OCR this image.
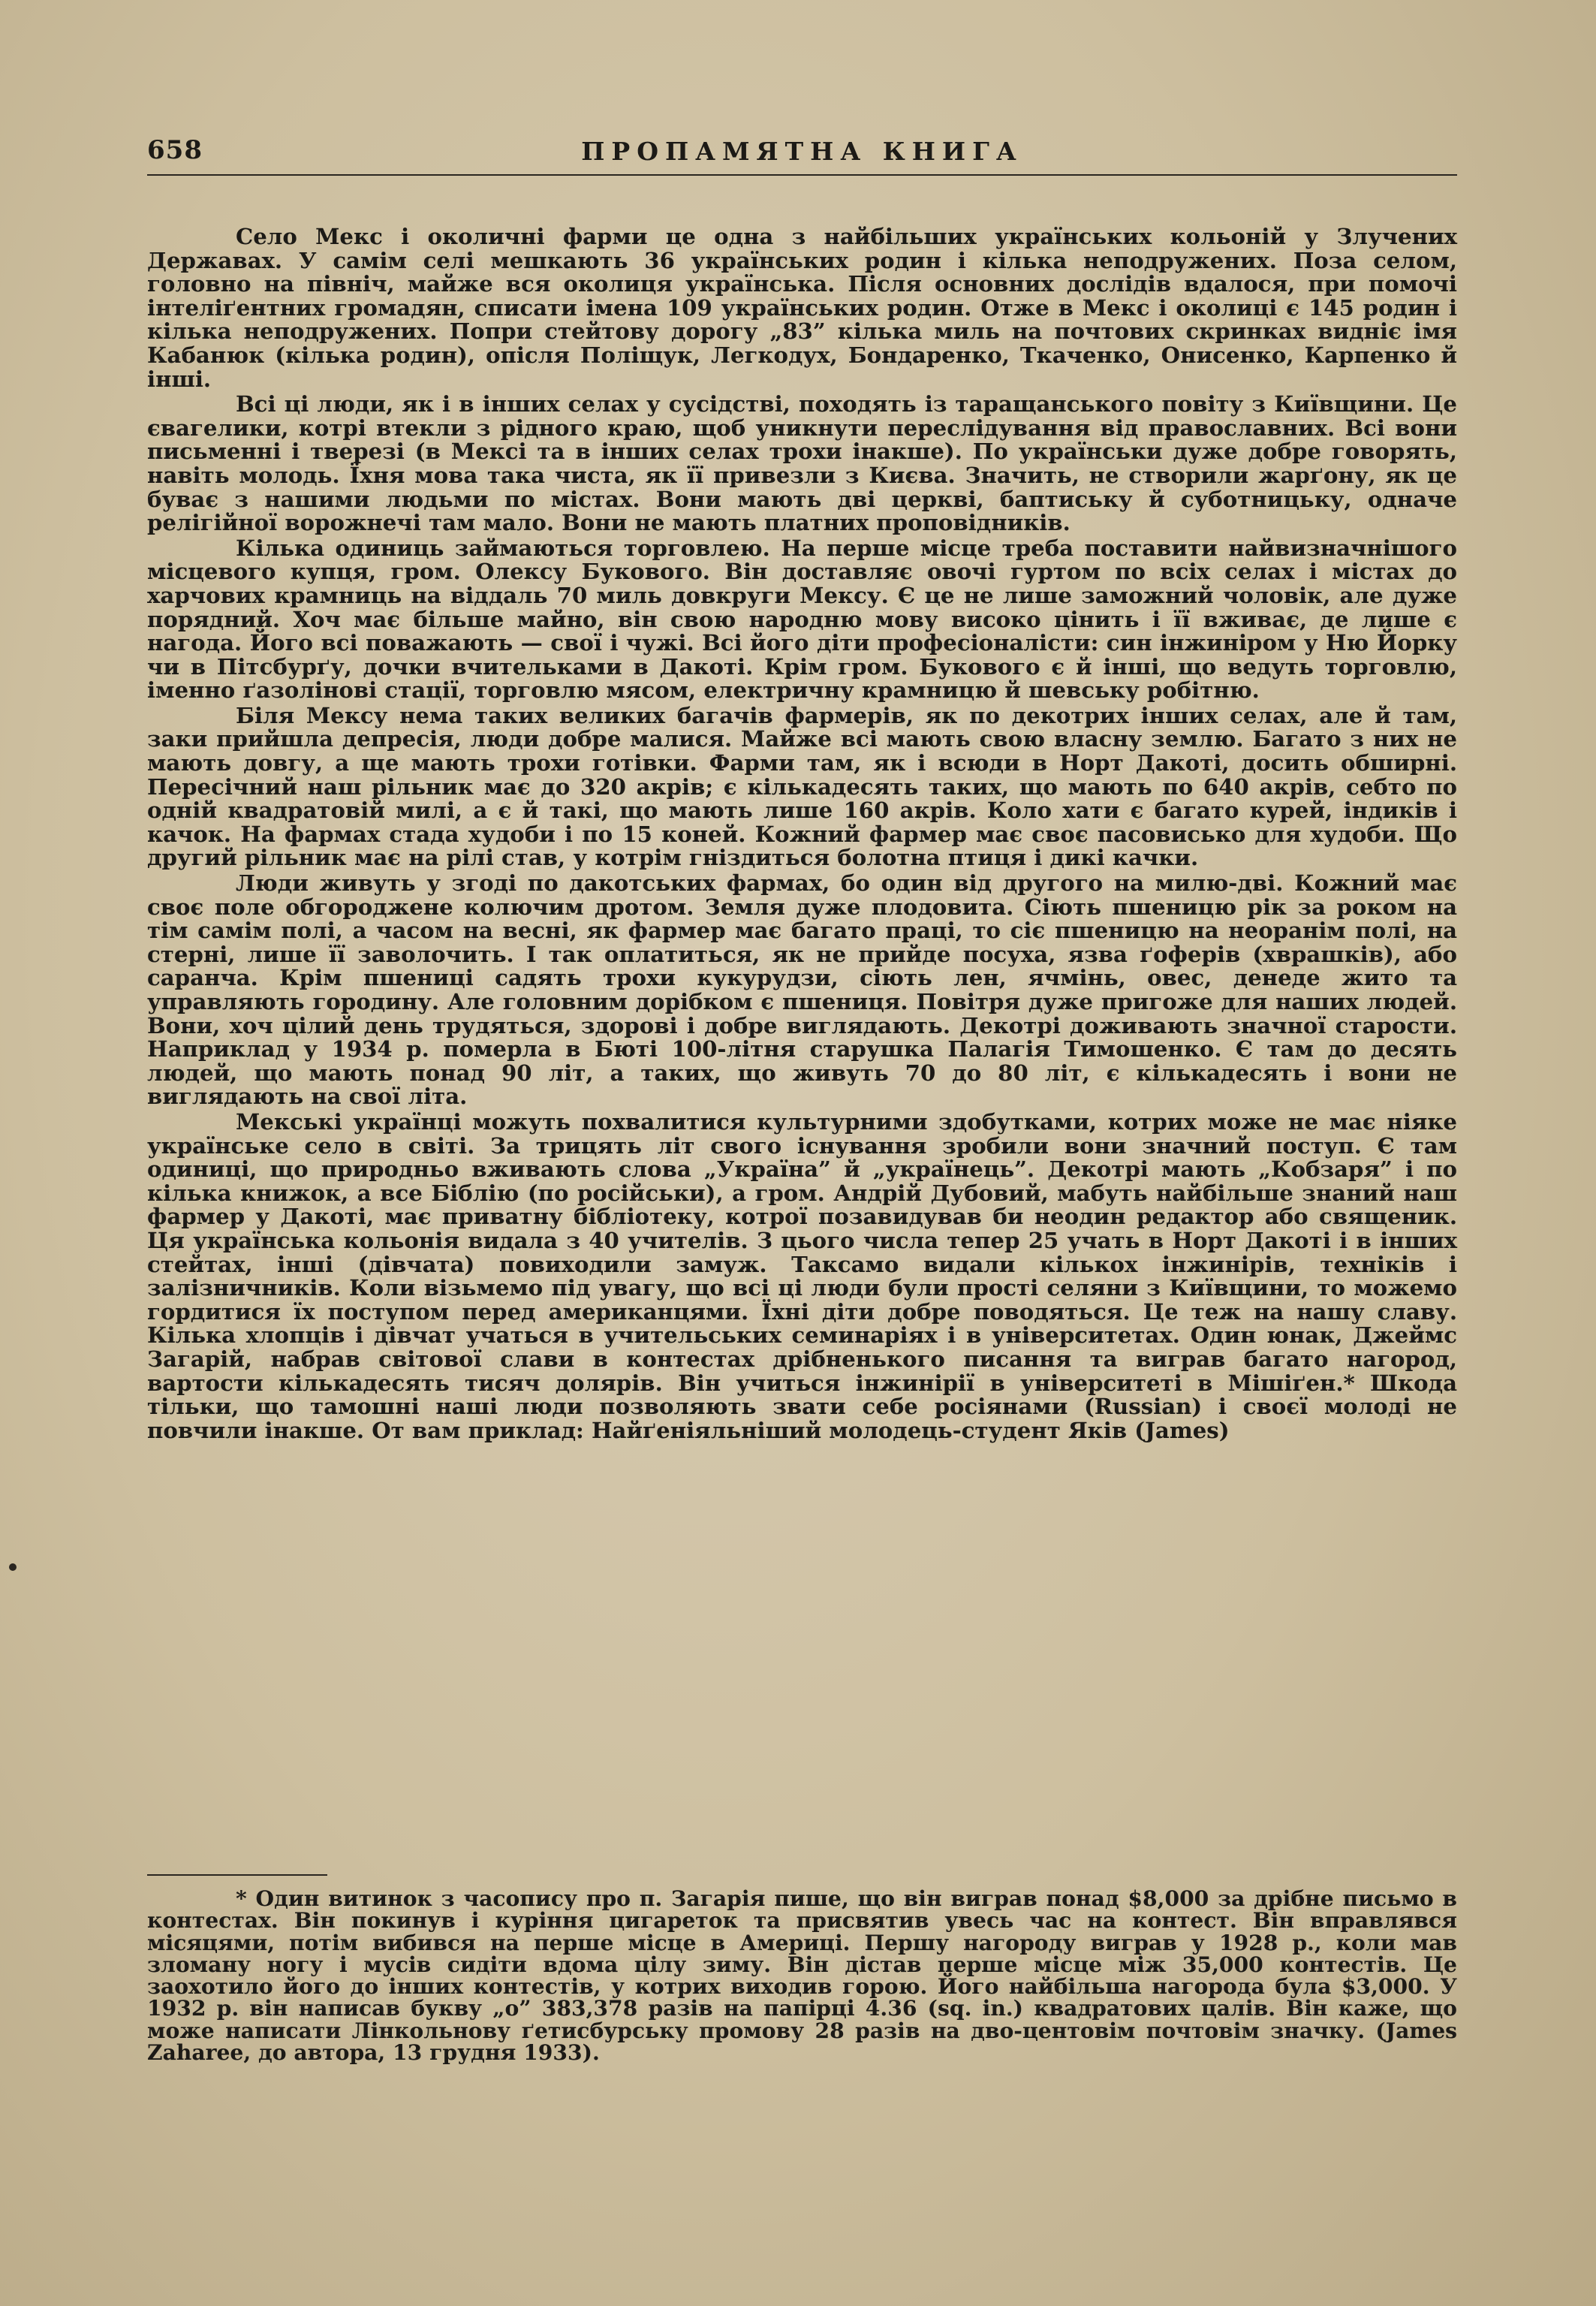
658	ПРОПАМЯТНА КНИГА

Село Мекс і околичні фарми це одна з найбільших українських кольоній у Злучених Державах. У самім селі мешкають 36 українських родин і кілька неподружених. Поза селом, головно на північ, майже вся околиця українська. Після основних дослідів вдалося, при помочі інтеліґентних громадян, списати імена 109 українських родин. Отже в Мекс і околиці є 145 родин і кілька неподружених. Попри стейтову дорогу „83” кілька миль на почтових скринках видніє імя Кабанюк (кілька родин), опісля Поліщук, Легкодух, Бондаренко, Ткаченко, Онисенко, Карпенко й інші.

Всі ці люди, як і в інших селах у сусідстві, походять із таращанського повіту з Київщини. Це євагелики, котрі втекли з рідного краю, щоб уникнути переслідування від православних. Всі вони письменні і тверезі (в Мексі та в інших селах трохи інакше). По українськи дуже добре говорять, навіть молодь. Їхня мова така чиста, як її привезли з Києва. Значить, не створили жарґону, як це буває з нашими людьми по містах. Вони мають дві церкві, баптиську й суботницьку, одначе релігійної ворожнечі там мало. Вони не мають платних проповідників.

Кілька одиниць займаються торговлею. На перше місце треба поставити найвизначнішого місцевого купця, гром. Олексу Букового. Він доставляє овочі гуртом по всіх селах і містах до харчових крамниць на віддаль 70 миль довкруги Мексу. Є це не лише заможний чоловік, але дуже порядний. Хоч має більше майно, він свою народню мову високо цінить і її вживає, де лише є нагода. Його всі поважають — свої і чужі. Всі його діти професіоналісти: син інжиніром у Ню Йорку чи в Пітсбурґу, дочки вчительками в Дакоті. Крім гром. Букового є й інші, що ведуть торговлю, іменно ґазолінові стації, торговлю мясом, електричну крамницю й шевську робітню.

Біля Мексу нема таких великих багачів фармерів, як по декотрих інших селах, але й там, заки прийшла депресія, люди добре малися. Майже всі мають свою власну землю. Багато з них не мають довгу, а ще мають трохи готівки. Фарми там, як і всюди в Норт Дакоті, досить обширні. Пересічний наш рільник має до 320 акрів; є кількадесять таких, що мають по 640 акрів, себто по одній квадратовій милі, а є й такі, що мають лише 160 акрів. Коло хати є багато курей, індиків і качок. На фармах стада худоби і по 15 коней. Кожний фармер має своє пасовисько для худоби. Що другий рільник має на рілі став, у котрім гніздиться болотна птиця і дикі качки.

Люди живуть у згоді по дакотських фармах, бо один від другого на милю-дві. Кожний має своє поле обгороджене колючим дротом. Земля дуже плодовита. Сіють пшеницю рік за роком на тім самім полі, а часом на весні, як фармер має багато праці, то сіє пшеницю на неоранім полі, на стерні, лише її заволочить. І так оплатиться, як не прийде посуха, язва ґоферів (хврашків), або саранча. Крім пшениці садять трохи кукурудзи, сіють лен, ячмінь, овес, денеде жито та управляють городину. Але головним дорібком є пшениця. Повітря дуже пригоже для наших людей. Вони, хоч цілий день трудяться, здорові і добре виглядають. Декотрі доживають значної старости. Наприклад у 1934 р. померла в Бюті 100-літня старушка Палагія Тимошенко. Є там до десять людей, що мають понад 90 літ, а таких, що живуть 70 до 80 літ, є кількадесять і вони не виглядають на свої літа.

Мекські українці можуть похвалитися культурними здобутками, котрих може не має ніяке українське село в світі. За трицять літ свого існування зробили вони значний поступ. Є там одиниці, що природньо вживають слова „Україна” й „українець”. Декотрі мають „Кобзаря” і по кілька книжок, а все Біблію (по російськи), а гром. Андрій Дубовий, мабуть найбільше знаний наш фармер у Дакоті, має приватну бібліотеку, котрої позавидував би неодин редактор або священик. Ця українська кольонія видала з 40 учителів. З цього числа тепер 25 учать в Норт Дакоті і в інших стейтах, інші (дівчата) повиходили замуж. Таксамо видали кількох інжинірів, техніків і залізничників. Коли візьмемо під увагу, що всі ці люди були прості селяни з Київщини, то можемо гордитися їх поступом перед американцями. Їхні діти добре поводяться. Це теж на нашу славу. Кілька хлопців і дівчат учаться в учительських семинаріях і в університетах. Один юнак, Джеймс Загарій, набрав світової слави в контестах дрібненького писання та виграв багато нагород, вартости кількадесять тисяч долярів. Він учиться інжинірії в університеті в Мішіґен.* Шкода тільки, що тамошні наші люди позволяють звати себе росіянами (Russian) і своєї молоді не повчили інакше. От вам приклад: Найґеніяльніший молодець-студент Яків (James)

* Один витинок з часопису про п. Загарія пише, що він виграв понад $8,000 за дрібне письмо в контестах. Він покинув і куріння цигареток та присвятив увесь час на контест. Він вправлявся місяцями, потім вибився на перше місце в Америці. Першу нагороду виграв у 1928 р., коли мав зломану ногу і мусів сидіти вдома цілу зиму. Він дістав перше місце між 35,000 контестів. Це заохотило його до інших контестів, у котрих виходив горою. Його найбільша нагорода була $3,000. У 1932 р. він написав букву „о” 383,378 разів на папірці 4.36 (sq. in.) квадратових цалів. Він каже, що може написати Лінкольнову ґетисбурську промову 28 разів на дво-центовім почтовім значку. (James Zaharee, до автора, 13 грудня 1933).
